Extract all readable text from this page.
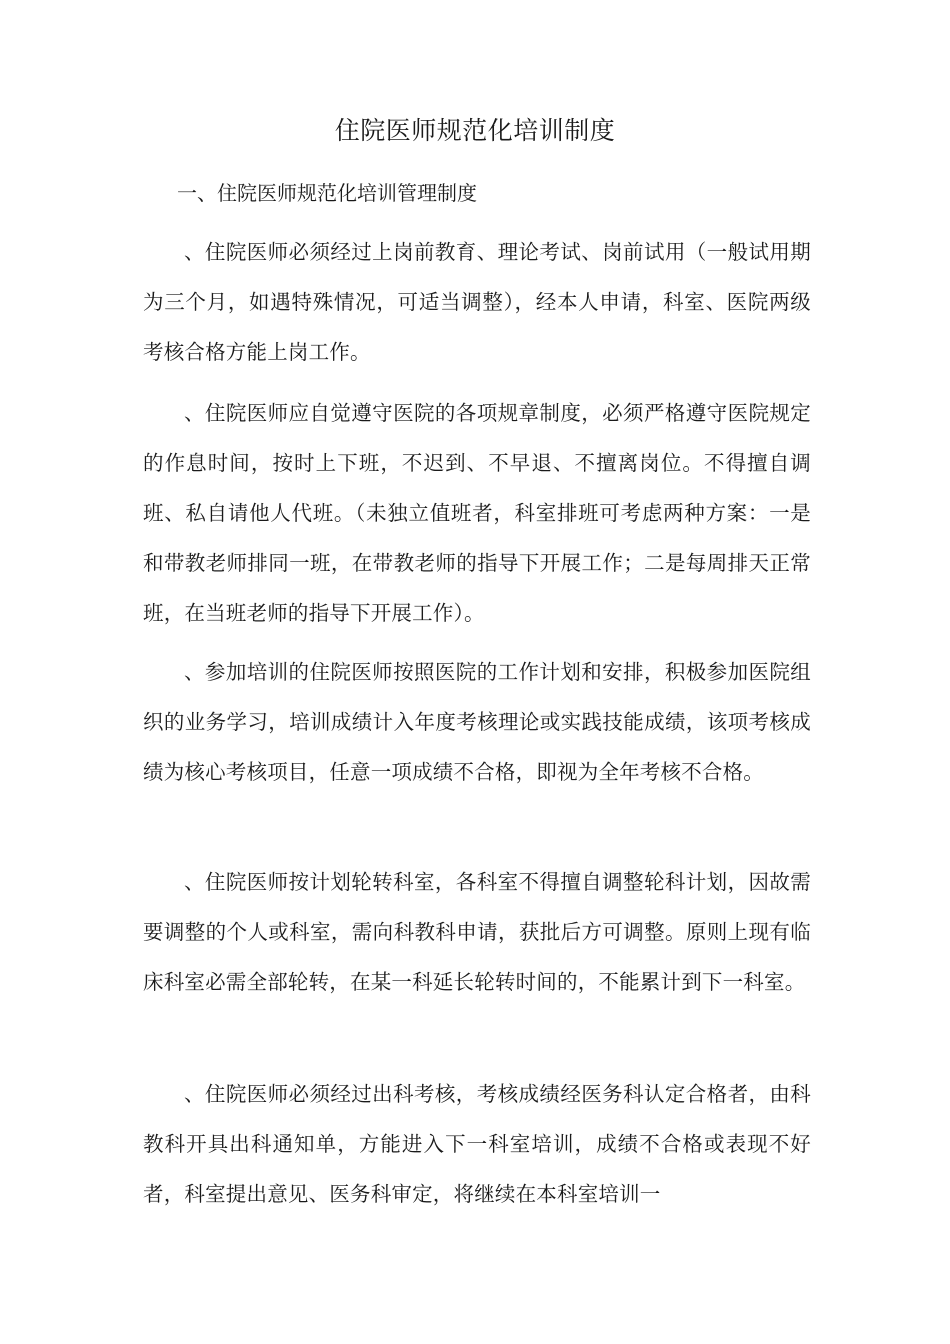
住院医师规范化培训制度
一、住院医师规范化培训管理制度

、住院医师必须经过上岗前教育、理论考试、岗前试用（一般试用期为三个月，如遇特殊情况，可适当调整），经本人申请，科室、医院两级考核合格方能上岗工作。

、住院医师应自觉遵守医院的各项规章制度，必须严格遵守医院规定的作息时间，按时上下班，不迟到、不早退、不擅离岗位。不得擅自调班、私自请他人代班。（未独立值班者，科室排班可考虑两种方案：一是和带教老师排同一班，在带教老师的指导下开展工作；二是每周排天正常班，在当班老师的指导下开展工作）。

、参加培训的住院医师按照医院的工作计划和安排，积极参加医院组织的业务学习，培训成绩计入年度考核理论或实践技能成绩，该项考核成绩为核心考核项目，任意一项成绩不合格，即视为全年考核不合格。

、住院医师按计划轮转科室，各科室不得擅自调整轮科计划，因故需要调整的个人或科室，需向科教科申请，获批后方可调整。原则上现有临床科室必需全部轮转，在某一科延长轮转时间的，不能累计到下一科室。

、住院医师必须经过出科考核，考核成绩经医务科认定合格者，由科教科开具出科通知单，方能进入下一科室培训，成绩不合格或表现不好者，科室提出意见、医务科审定，将继续在本科室培训一
